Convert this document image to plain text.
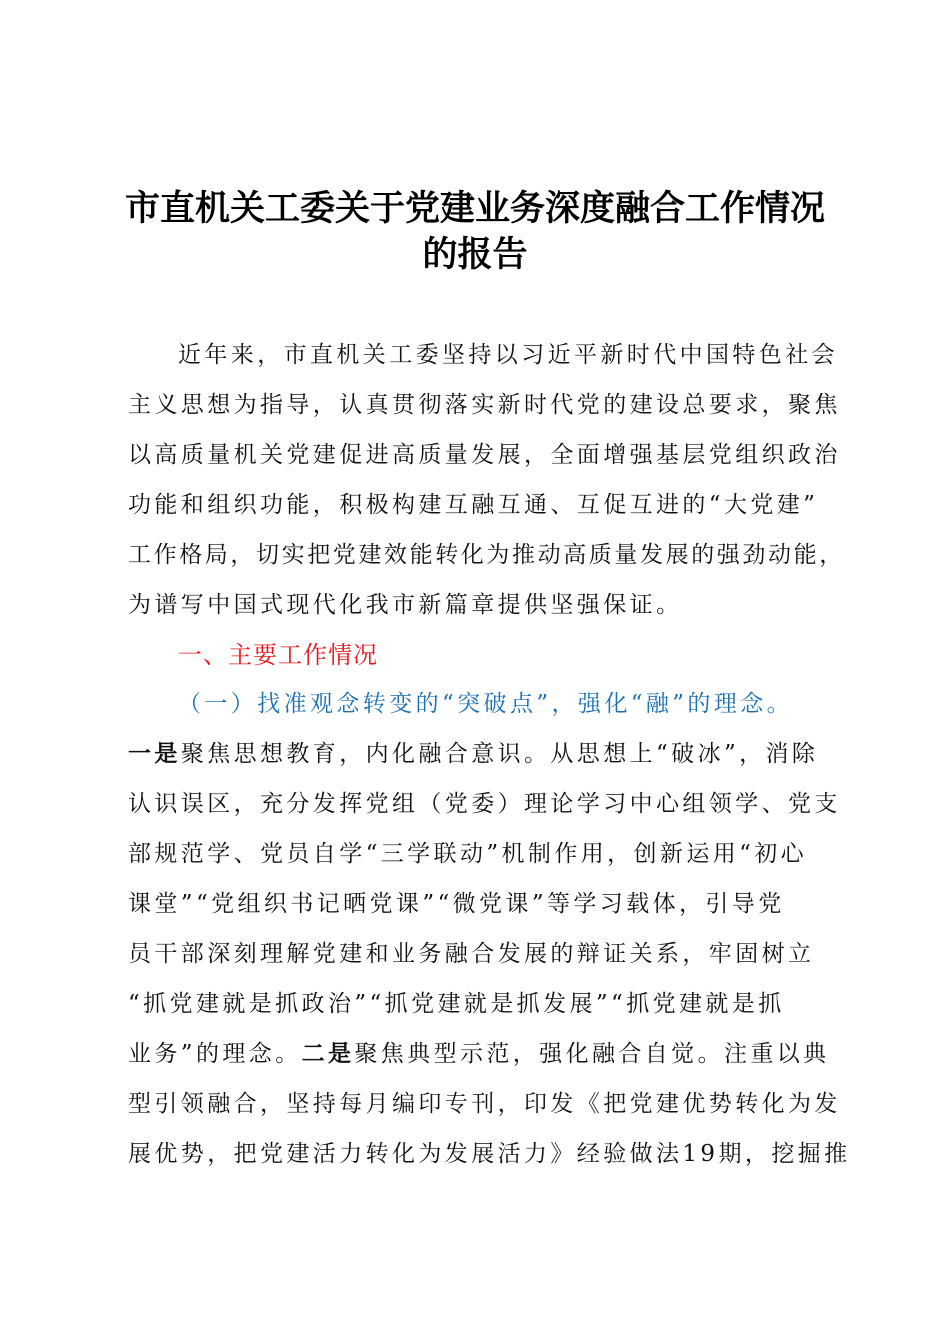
市直机关工委关于党建业务深度融合工作情况
的报告
近年来，市直机关工委坚持以习近平新时代中国特色社会
主义思想为指导，认真贯彻落实新时代党的建设总要求，聚焦
以高质量机关党建促进高质量发展，全面增强基层党组织政治
功能和组织功能，积极构建互融互通、互促互进的“大党建”
工作格局，切实把党建效能转化为推动高质量发展的强劲动能，
为谱写中国式现代化我市新篇章提供坚强保证。
一、主要工作情况
（一）找准观念转变的“突破点”，强化“融”的理念。
一是聚焦思想教育，内化融合意识。从思想上“破冰”，消除
认识误区，充分发挥党组（党委）理论学习中心组领学、党支
部规范学、党员自学“三学联动”机制作用，创新运用“初心
课堂”“党组织书记晒党课”“微党课”等学习载体，引导党
员干部深刻理解党建和业务融合发展的辩证关系，牢固树立
“抓党建就是抓政治”“抓党建就是抓发展”“抓党建就是抓
业务”的理念。二是聚焦典型示范，强化融合自觉。注重以典
型引领融合，坚持每月编印专刊，印发《把党建优势转化为发
展优势，把党建活力转化为发展活力》经验做法19期，挖掘推
